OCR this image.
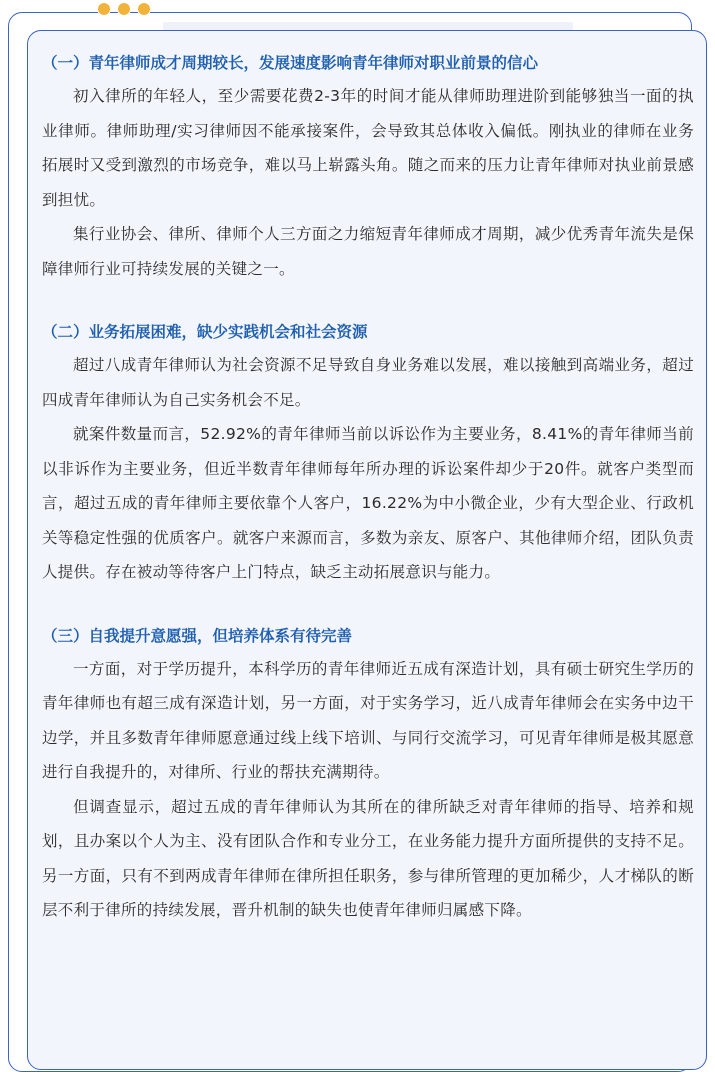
（一）青年律师成才周期较长，发展速度影响青年律师对职业前景的信心

初入律所的年轻人，至少需要花费2-3年的时间才能从律师助理进阶到能够独当一面的执业律师。律师助理/实习律师因不能承接案件，会导致其总体收入偏低。刚执业的律师在业务拓展时又受到激烈的市场竞争，难以马上崭露头角。随之而来的压力让青年律师对执业前景感到担忧。

集行业协会、律所、律师个人三方面之力缩短青年律师成才周期，减少优秀青年流失是保障律师行业可持续发展的关键之一。

（二）业务拓展困难，缺少实践机会和社会资源

超过八成青年律师认为社会资源不足导致自身业务难以发展，难以接触到高端业务，超过四成青年律师认为自己实务机会不足。

就案件数量而言，52.92%的青年律师当前以诉讼作为主要业务，8.41%的青年律师当前以非诉作为主要业务，但近半数青年律师每年所办理的诉讼案件却少于20件。就客户类型而言，超过五成的青年律师主要依靠个人客户，16.22%为中小微企业，少有大型企业、行政机关等稳定性强的优质客户。就客户来源而言，多数为亲友、原客户、其他律师介绍，团队负责人提供。存在被动等待客户上门特点，缺乏主动拓展意识与能力。

（三）自我提升意愿强，但培养体系有待完善

一方面，对于学历提升，本科学历的青年律师近五成有深造计划，具有硕士研究生学历的青年律师也有超三成有深造计划，另一方面，对于实务学习，近八成青年律师会在实务中边干边学，并且多数青年律师愿意通过线上线下培训、与同行交流学习，可见青年律师是极其愿意进行自我提升的，对律所、行业的帮扶充满期待。

但调查显示，超过五成的青年律师认为其所在的律所缺乏对青年律师的指导、培养和规划，且办案以个人为主、没有团队合作和专业分工，在业务能力提升方面所提供的支持不足。另一方面，只有不到两成青年律师在律所担任职务，参与律所管理的更加稀少，人才梯队的断层不利于律所的持续发展，晋升机制的缺失也使青年律师归属感下降。
